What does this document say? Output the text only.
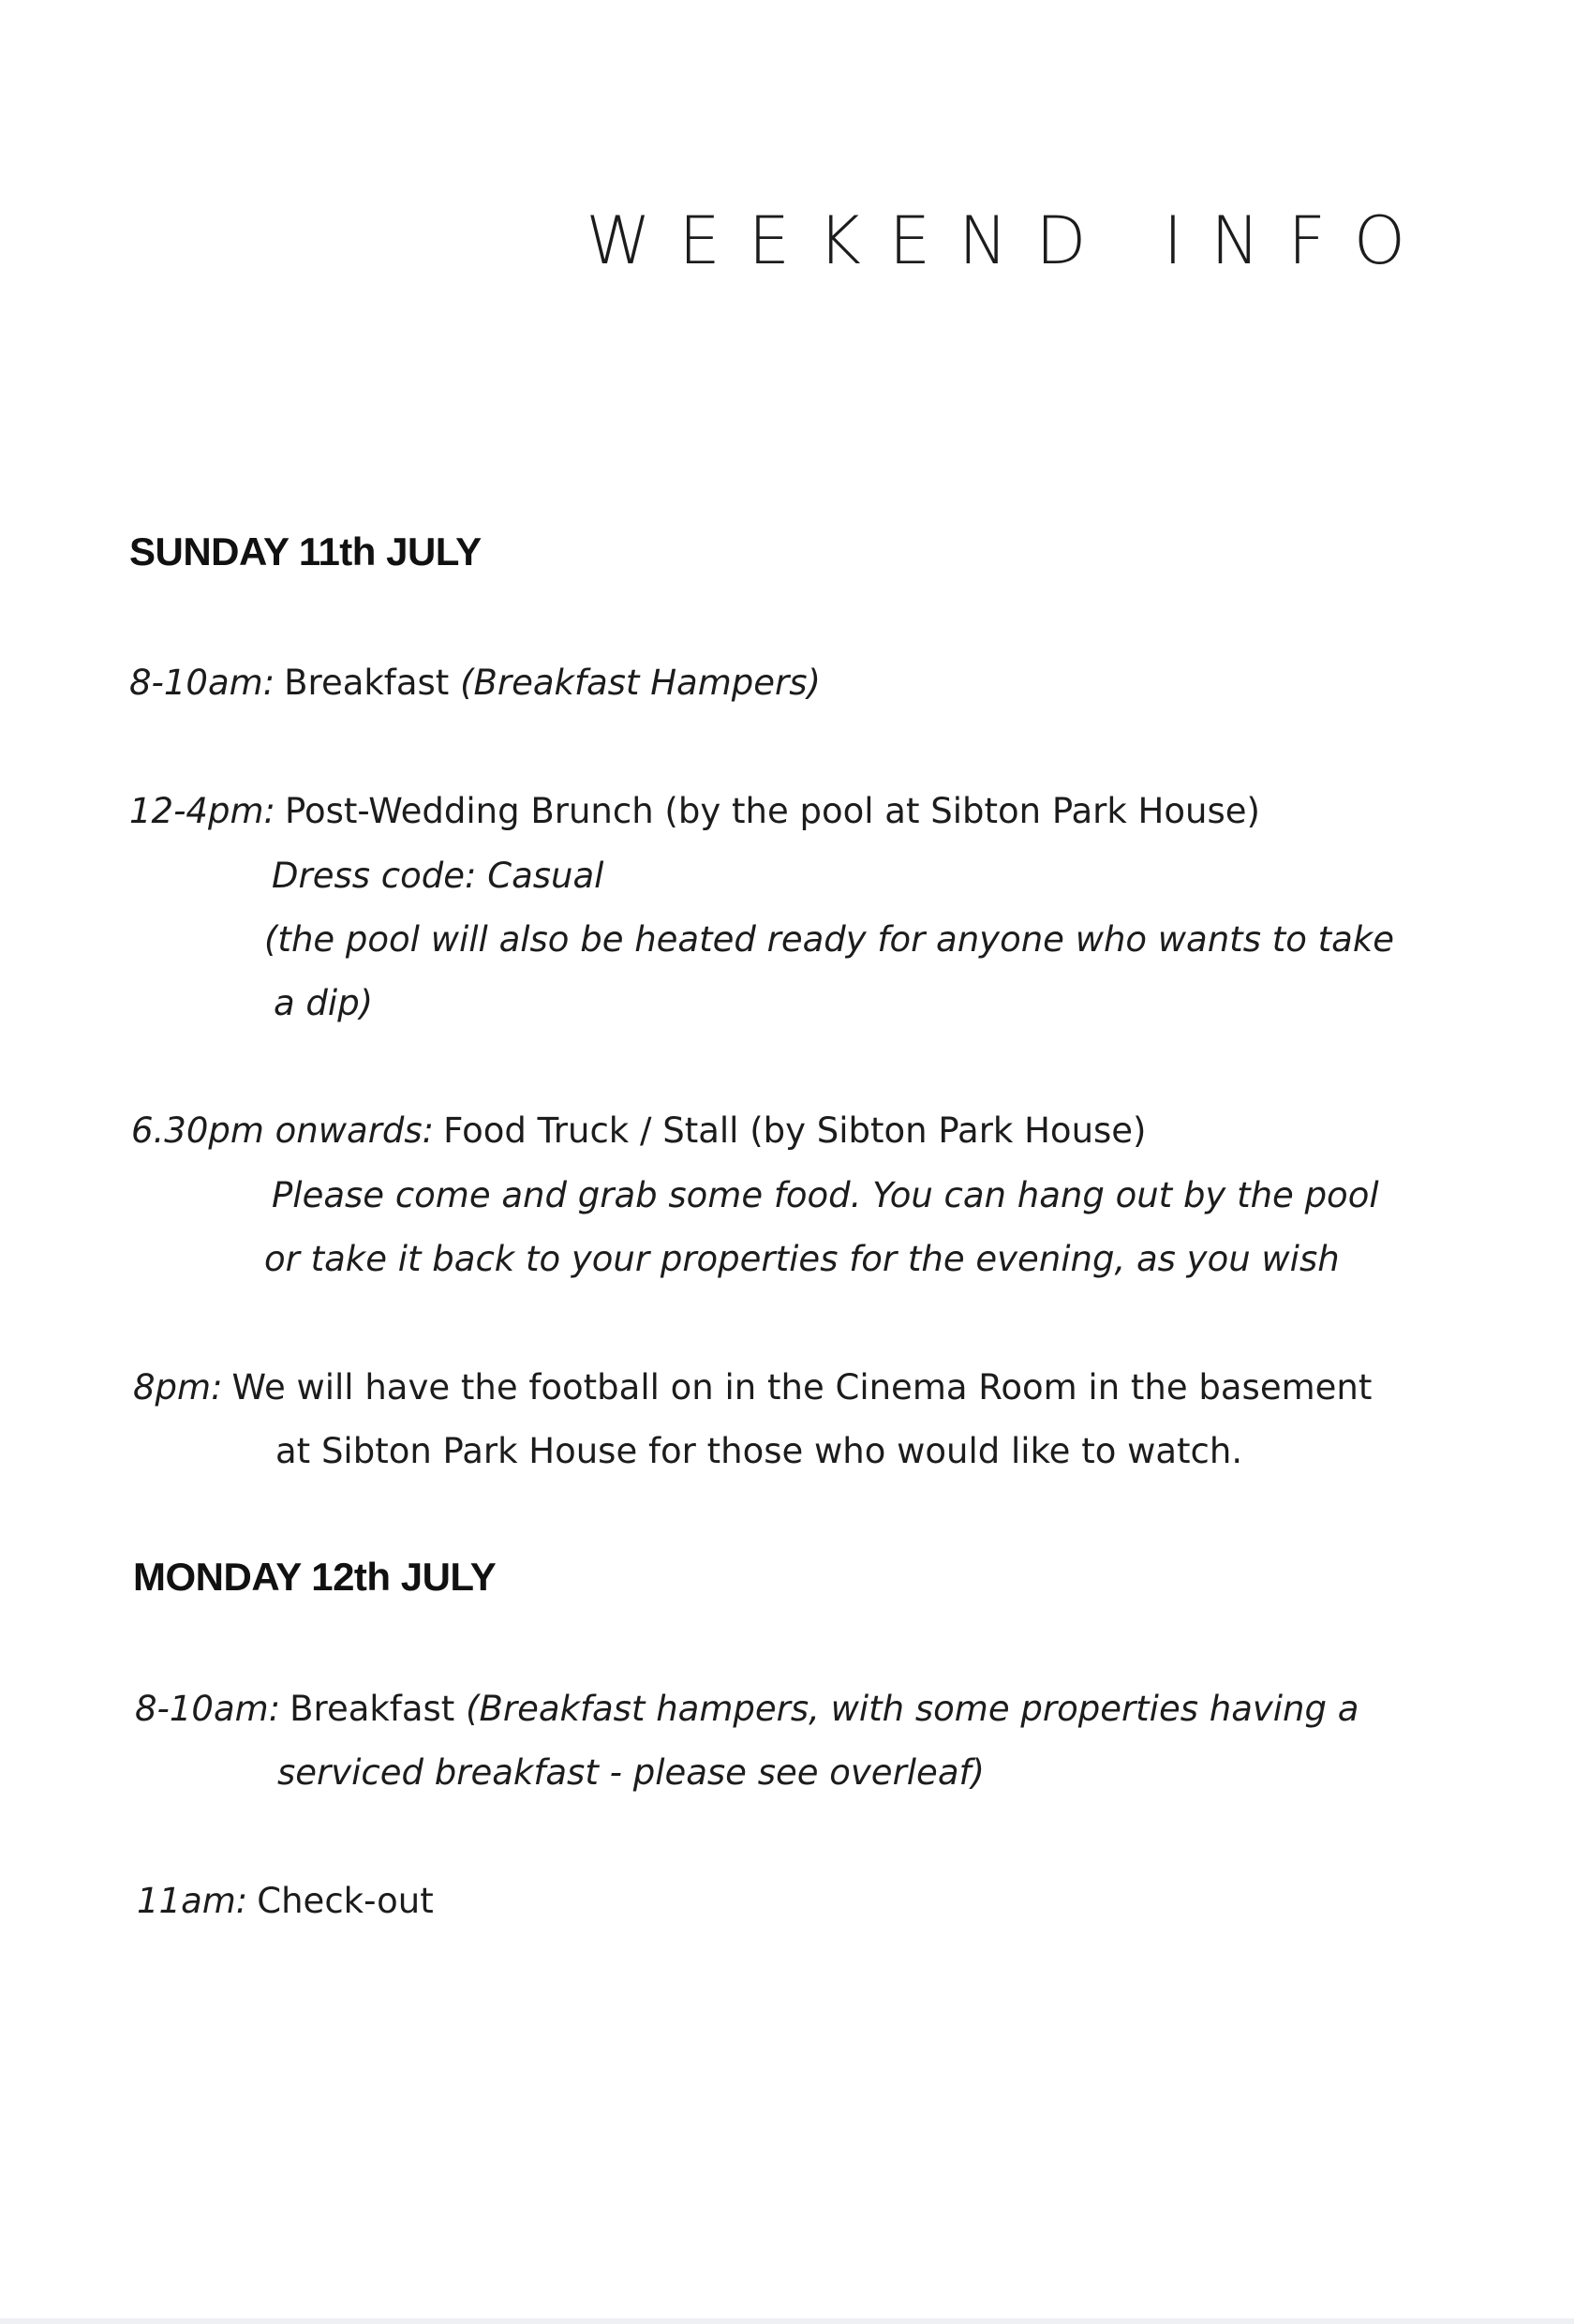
WEEKEND INFO
SUNDAY 11th JULY

8-10am: Breakfast (Breakfast Hampers)

12-4pm: Post-Wedding Brunch (by the pool at Sibton Park House)

Dress code: Casual

(the pool will also be heated ready for anyone who wants to take

a dip)

6.30pm onwards: Food Truck / Stall (by Sibton Park House)

Please come and grab some food. You can hang out by the pool

or take it back to your properties for the evening, as you wish

8pm: We will have the football on in the Cinema Room in the basement

at Sibton Park House for those who would like to watch.

MONDAY 12th JULY

8-10am: Breakfast (Breakfast hampers, with some properties having a

serviced breakfast - please see overleaf)

11am: Check-out
